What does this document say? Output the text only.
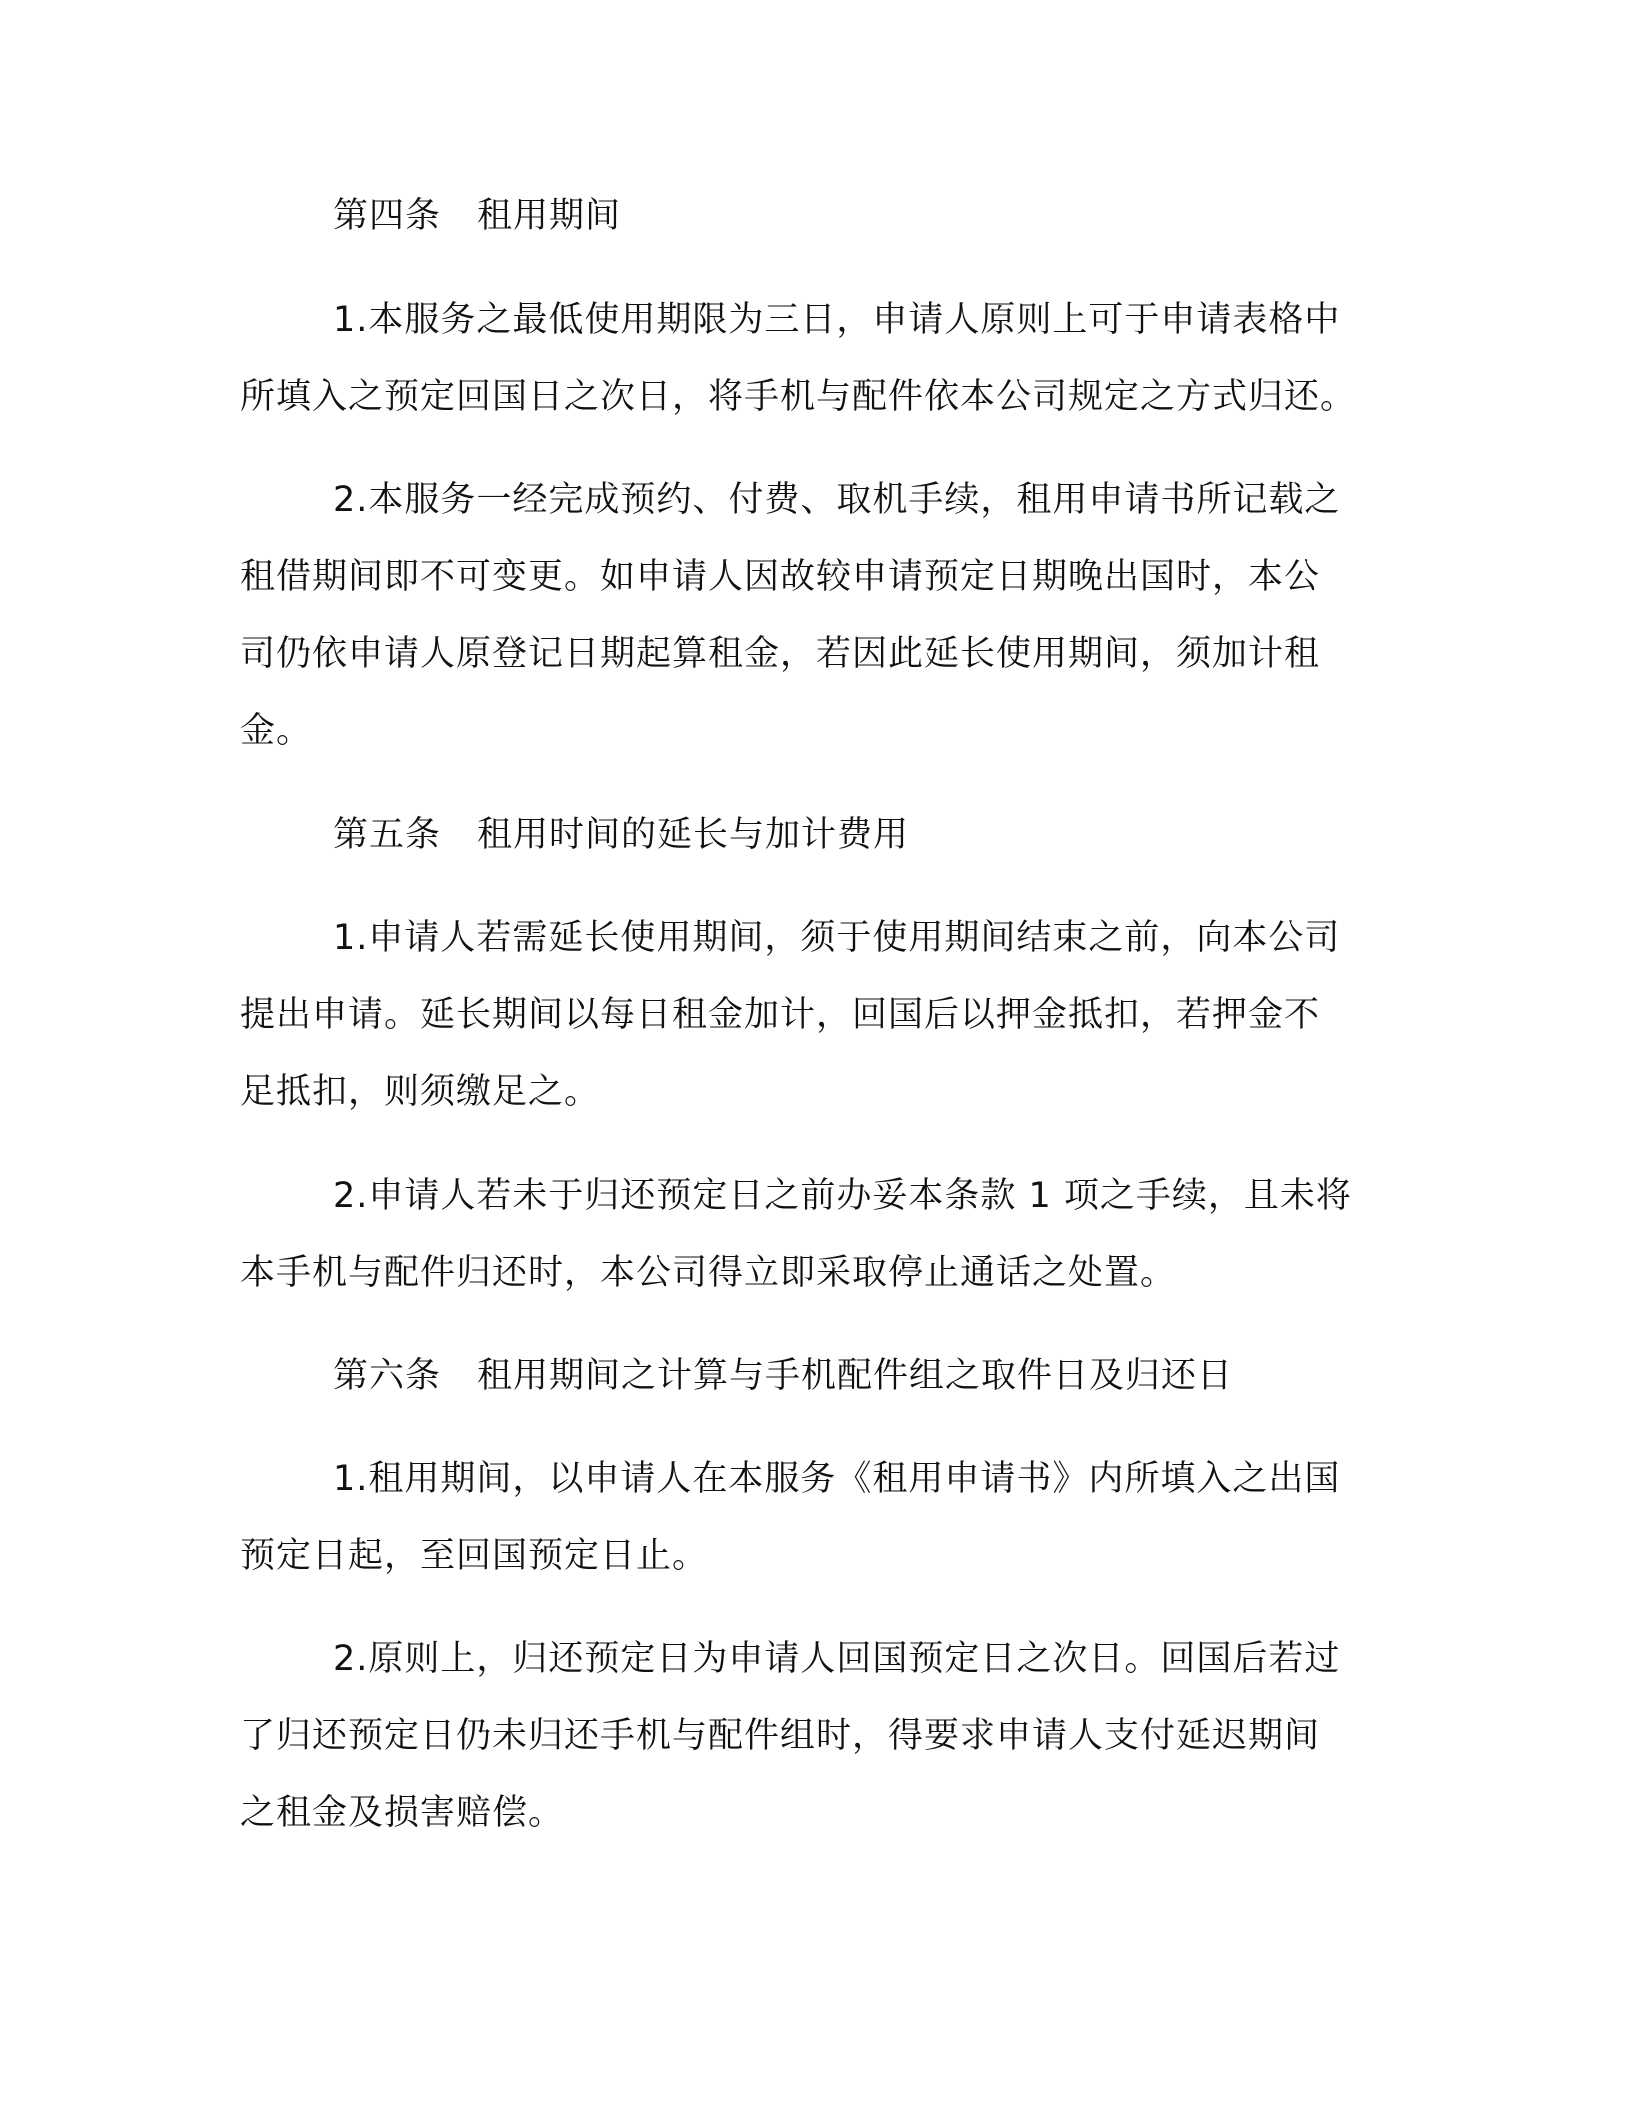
第四条　租用期间
1.本服务之最低使用期限为三日，申请人原则上可于申请表格中
所填入之预定回国日之次日，将手机与配件依本公司规定之方式归还。
2.本服务一经完成预约、付费、取机手续，租用申请书所记载之
租借期间即不可变更。如申请人因故较申请预定日期晚出国时，本公
司仍依申请人原登记日期起算租金，若因此延长使用期间，须加计租
金。
第五条　租用时间的延长与加计费用
1.申请人若需延长使用期间，须于使用期间结束之前，向本公司
提出申请。延长期间以每日租金加计，回国后以押金抵扣，若押金不
足抵扣，则须缴足之。
2.申请人若未于归还预定日之前办妥本条款 1 项之手续，且未将
本手机与配件归还时，本公司得立即采取停止通话之处置。
第六条　租用期间之计算与手机配件组之取件日及归还日
1.租用期间，以申请人在本服务《租用申请书》内所填入之出国
预定日起，至回国预定日止。
2.原则上，归还预定日为申请人回国预定日之次日。回国后若过
了归还预定日仍未归还手机与配件组时，得要求申请人支付延迟期间
之租金及损害赔偿。
